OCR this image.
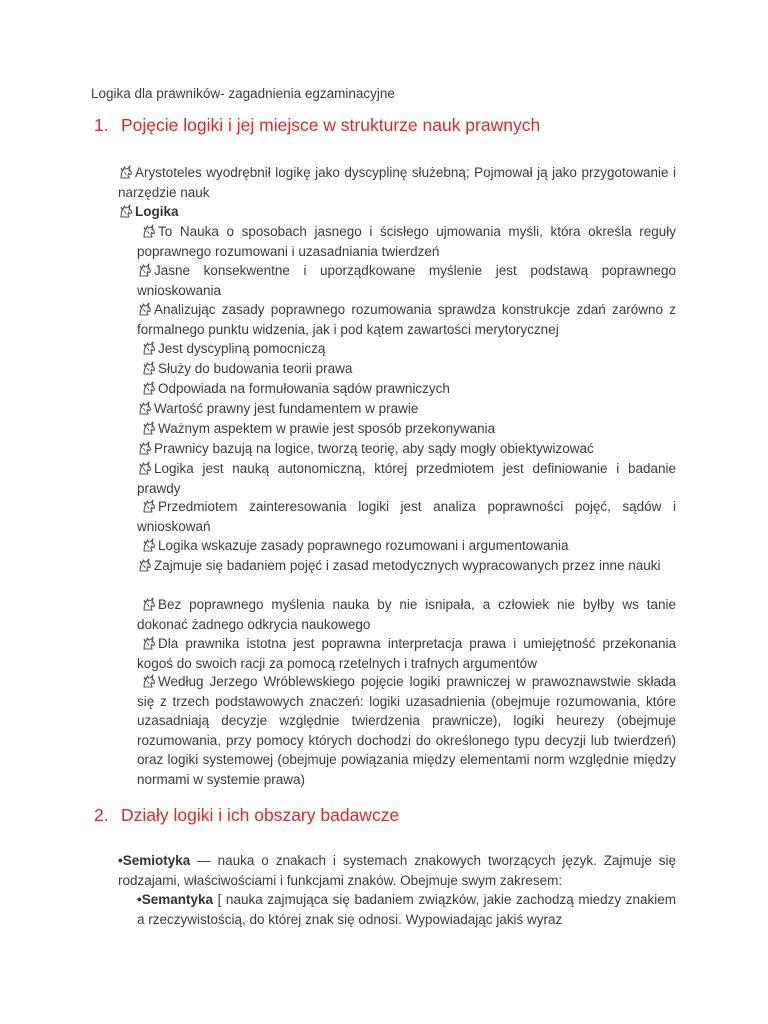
Logika dla prawników- zagadnienia egzaminacyjne
1. Pojęcie logiki i jej miejsce w strukturze nauk prawnych
Arystoteles wyodrębnił logikę jako dyscyplinę służebną; Pojmował ją jako przygotowanie i narzędzie nauk
Logika
To Nauka o sposobach jasnego i ścisłego ujmowania myśli, która określa reguły poprawnego rozumowani i uzasadniania twierdzeń
Jasne konsekwentne i uporządkowane myślenie jest podstawą poprawnego wnioskowania
Analizując zasady poprawnego rozumowania sprawdza konstrukcje zdań zarówno z formalnego punktu widzenia, jak i pod kątem zawartości merytorycznej
Jest dyscypliną pomocniczą
Służy do budowania teorii prawa
Odpowiada na formułowania sądów prawniczych
Wartość prawny jest fundamentem w prawie
Ważnym aspektem w prawie jest sposób przekonywania
Prawnicy bazują na logice, tworzą teorię, aby sądy mogły obiektywizować
Logika jest nauką autonomiczną, której przedmiotem jest definiowanie i badanie prawdy
Przedmiotem zainteresowania logiki jest analiza poprawności pojęć, sądów i wnioskowań
Logika wskazuje zasady poprawnego rozumowani i argumentowania
Zajmuje się badaniem pojęć i zasad metodycznych wypracowanych przez inne nauki
Bez poprawnego myślenia nauka by nie isnipała, a człowiek nie byłby ws tanie dokonać żadnego odkrycia naukowego
Dla prawnika istotna jest poprawna interpretacja prawa i umiejętność przekonania kogoś do swoich racji za pomocą rzetelnych i trafnych argumentów
Według Jerzego Wróblewskiego pojęcie logiki prawniczej w prawoznawstwie składa się z trzech podstawowych znaczeń: logiki uzasadnienia (obejmuje rozumowania, które uzasadniają decyzje względnie twierdzenia prawnicze), logiki heurezy (obejmuje rozumowania, przy pomocy których dochodzi do określonego typu decyzji lub twierdzeń) oraz logiki systemowej (obejmuje powiązania między elementami norm względnie między normami w systemie prawa)
2. Działy logiki i ich obszary badawcze
•Semiotyka — nauka o znakach i systemach znakowych tworzących język. Zajmuje się rodzajami, właściwościami i funkcjami znaków. Obejmuje swym zakresem:
•Semantyka [ nauka zajmująca się badaniem związków, jakie zachodzą miedzy znakiem a rzeczywistością, do której znak się odnosi. Wypowiadając jakiś wyraz
